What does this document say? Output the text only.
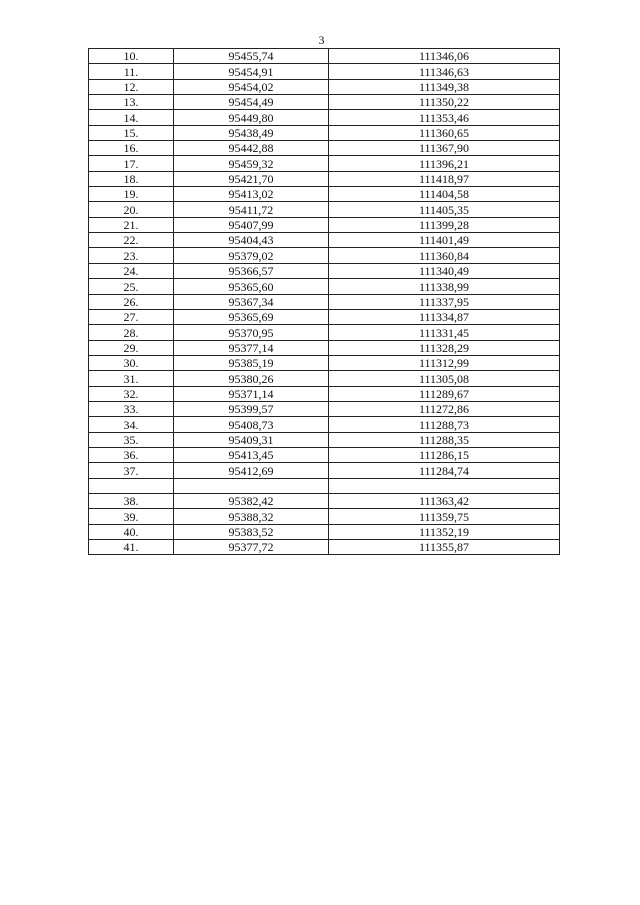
3
10.	95455,74	111346,06
11.	95454,91	111346,63
12.	95454,02	111349,38
13.	95454,49	111350,22
14.	95449,80	111353,46
15.	95438,49	111360,65
16.	95442,88	111367,90
17.	95459,32	111396,21
18.	95421,70	111418,97
19.	95413,02	111404,58
20.	95411,72	111405,35
21.	95407,99	111399,28
22.	95404,43	111401,49
23.	95379,02	111360,84
24.	95366,57	111340,49
25.	95365,60	111338,99
26.	95367,34	111337,95
27.	95365,69	111334,87
28.	95370,95	111331,45
29.	95377,14	111328,29
30.	95385,19	111312,99
31.	95380,26	111305,08
32.	95371,14	111289,67
33.	95399,57	111272,86
34.	95408,73	111288,73
35.	95409,31	111288,35
36.	95413,45	111286,15
37.	95412,69	111284,74

38.	95382,42	111363,42
39.	95388,32	111359,75
40.	95383,52	111352,19
41.	95377,72	111355,87
